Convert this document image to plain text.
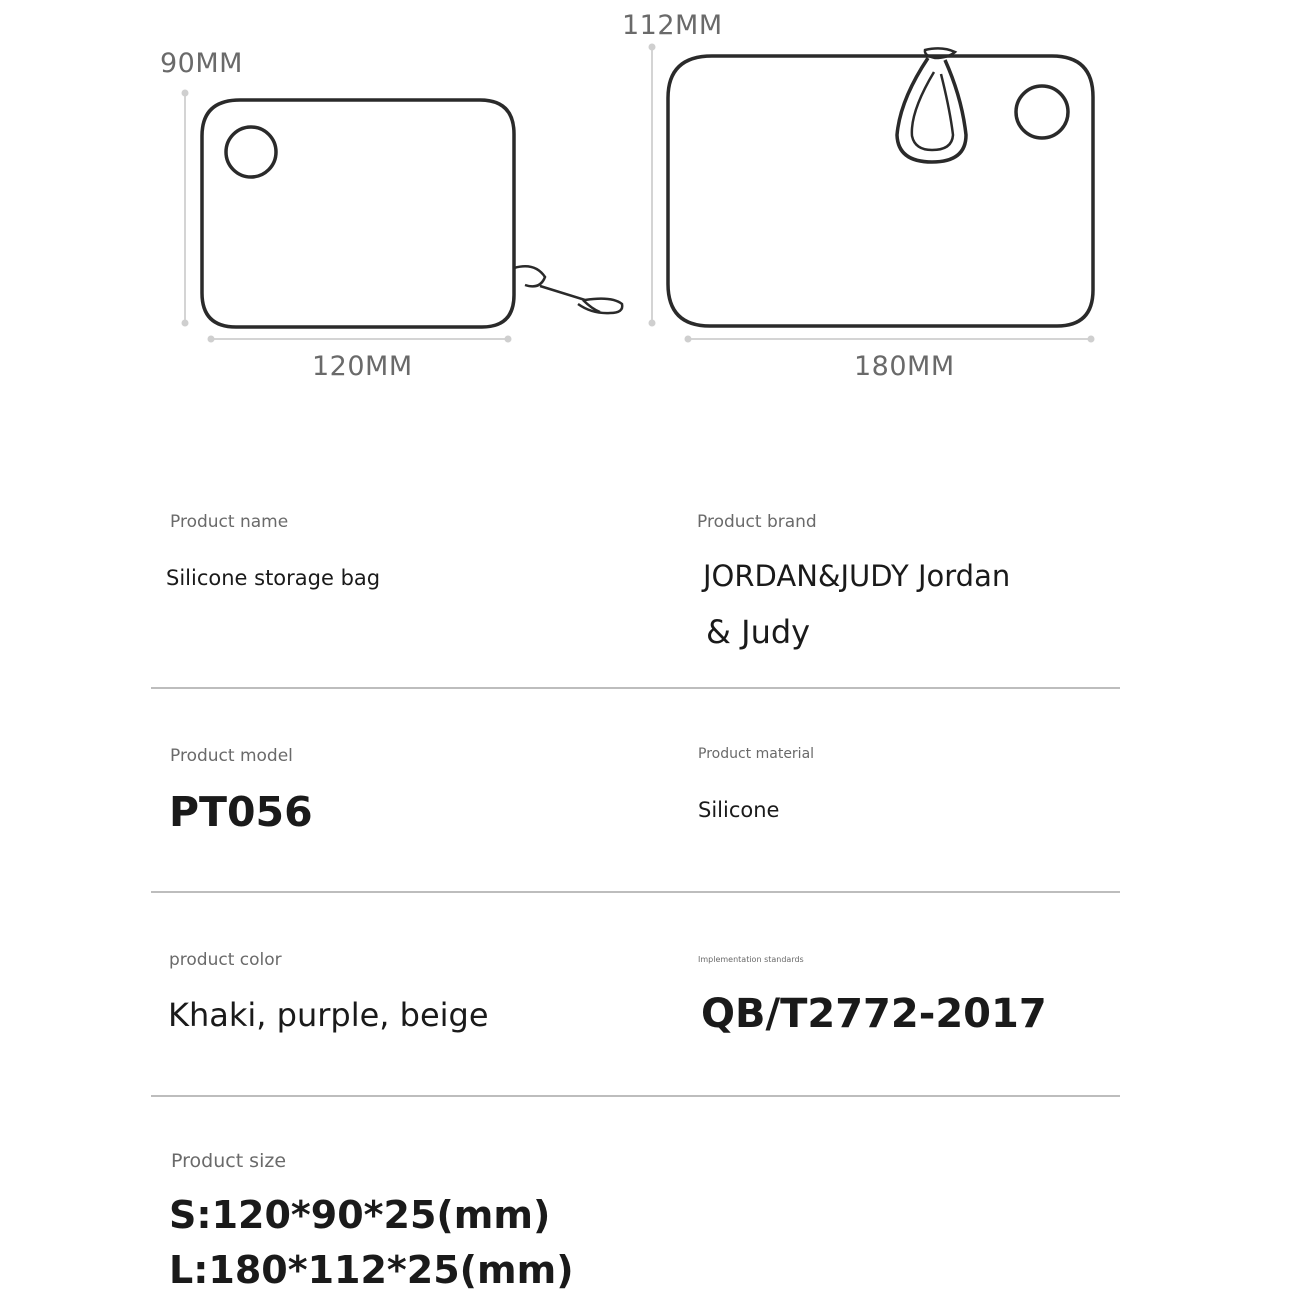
90MM
120MM
112MM
180MM
Product name
Silicone storage bag
Product brand
JORDAN&JUDY Jordan
& Judy
Product model
PT056
Product material
Silicone
product color
Khaki, purple, beige
Implementation standards
QB/T2772-2017
Product size
S:120*90*25(mm)
L:180*112*25(mm)
